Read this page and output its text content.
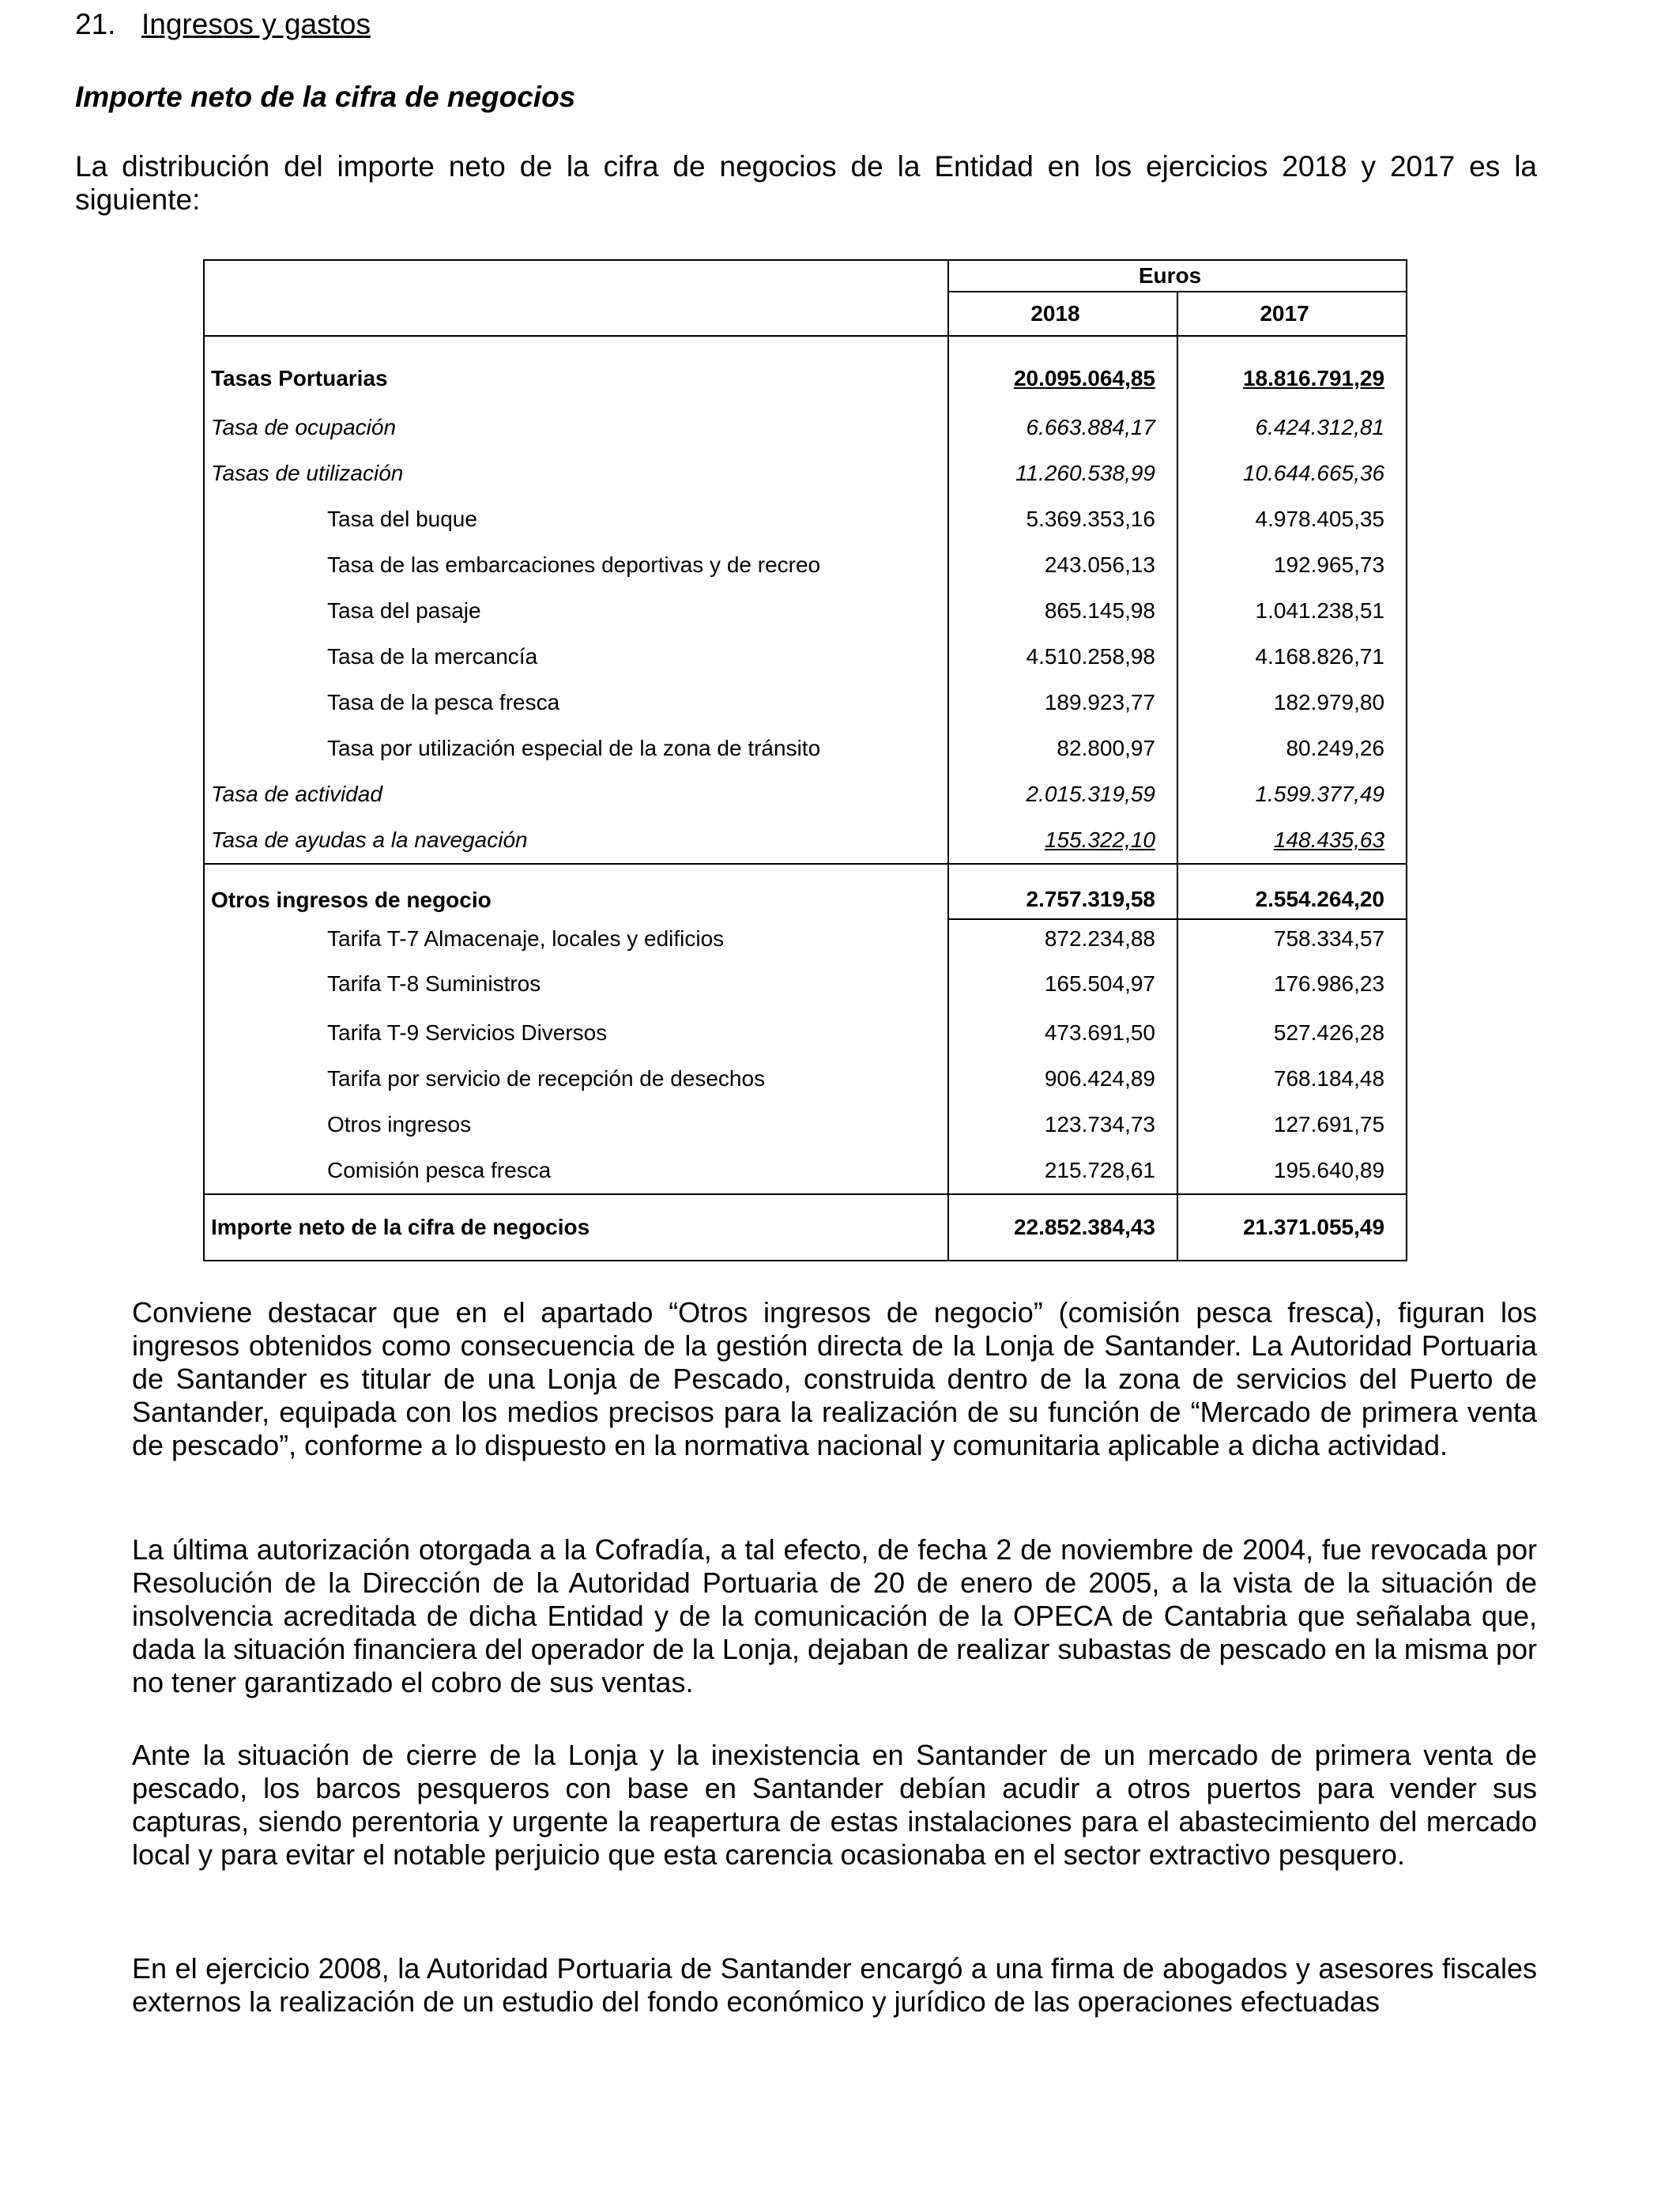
21. Ingresos y gastos
Importe neto de la cifra de negocios
La distribución del importe neto de la cifra de negocios de la Entidad en los ejercicios 2018 y 2017 es la siguiente:
	Euros	
	2018	2017
Tasas Portuarias	20.095.064,85	18.816.791,29
Tasa de ocupación	6.663.884,17	6.424.312,81
Tasas de utilización	11.260.538,99	10.644.665,36
Tasa del buque	5.369.353,16	4.978.405,35
Tasa de las embarcaciones deportivas y de recreo	243.056,13	192.965,73
Tasa del pasaje	865.145,98	1.041.238,51
Tasa de la mercancía	4.510.258,98	4.168.826,71
Tasa de la pesca fresca	189.923,77	182.979,80
Tasa por utilización especial de la zona de tránsito	82.800,97	80.249,26
Tasa de actividad	2.015.319,59	1.599.377,49
Tasa de ayudas a la navegación	155.322,10	148.435,63
Otros ingresos de negocio	2.757.319,58	2.554.264,20
Tarifa T-7 Almacenaje, locales y edificios	872.234,88	758.334,57
Tarifa T-8 Suministros	165.504,97	176.986,23
Tarifa T-9 Servicios Diversos	473.691,50	527.426,28
Tarifa por servicio de recepción de desechos	906.424,89	768.184,48
Otros ingresos	123.734,73	127.691,75
Comisión pesca fresca	215.728,61	195.640,89
Importe neto de la cifra de negocios	22.852.384,43	21.371.055,49
Conviene destacar que en el apartado “Otros ingresos de negocio” (comisión pesca fresca), figuran los ingresos obtenidos como consecuencia de la gestión directa de la Lonja de Santander. La Autoridad Portuaria de Santander es titular de una Lonja de Pescado, construida dentro de la zona de servicios del Puerto de Santander, equipada con los medios precisos para la realización de su función de “Mercado de primera venta de pescado”, conforme a lo dispuesto en la normativa nacional y comunitaria aplicable a dicha actividad.
La última autorización otorgada a la Cofradía, a tal efecto, de fecha 2 de noviembre de 2004, fue revocada por Resolución de la Dirección de la Autoridad Portuaria de 20 de enero de 2005, a la vista de la situación de insolvencia acreditada de dicha Entidad y de la comunicación de la OPECA de Cantabria que señalaba que, dada la situación financiera del operador de la Lonja, dejaban de realizar subastas de pescado en la misma por no tener garantizado el cobro de sus ventas.
Ante la situación de cierre de la Lonja y la inexistencia en Santander de un mercado de primera venta de pescado, los barcos pesqueros con base en Santander debían acudir a otros puertos para vender sus capturas, siendo perentoria y urgente la reapertura de estas instalaciones para el abastecimiento del mercado local y para evitar el notable perjuicio que esta carencia ocasionaba en el sector extractivo pesquero.
En el ejercicio 2008, la Autoridad Portuaria de Santander encargó a una firma de abogados y asesores fiscales externos la realización de un estudio del fondo económico y jurídico de las operaciones efectuadas
